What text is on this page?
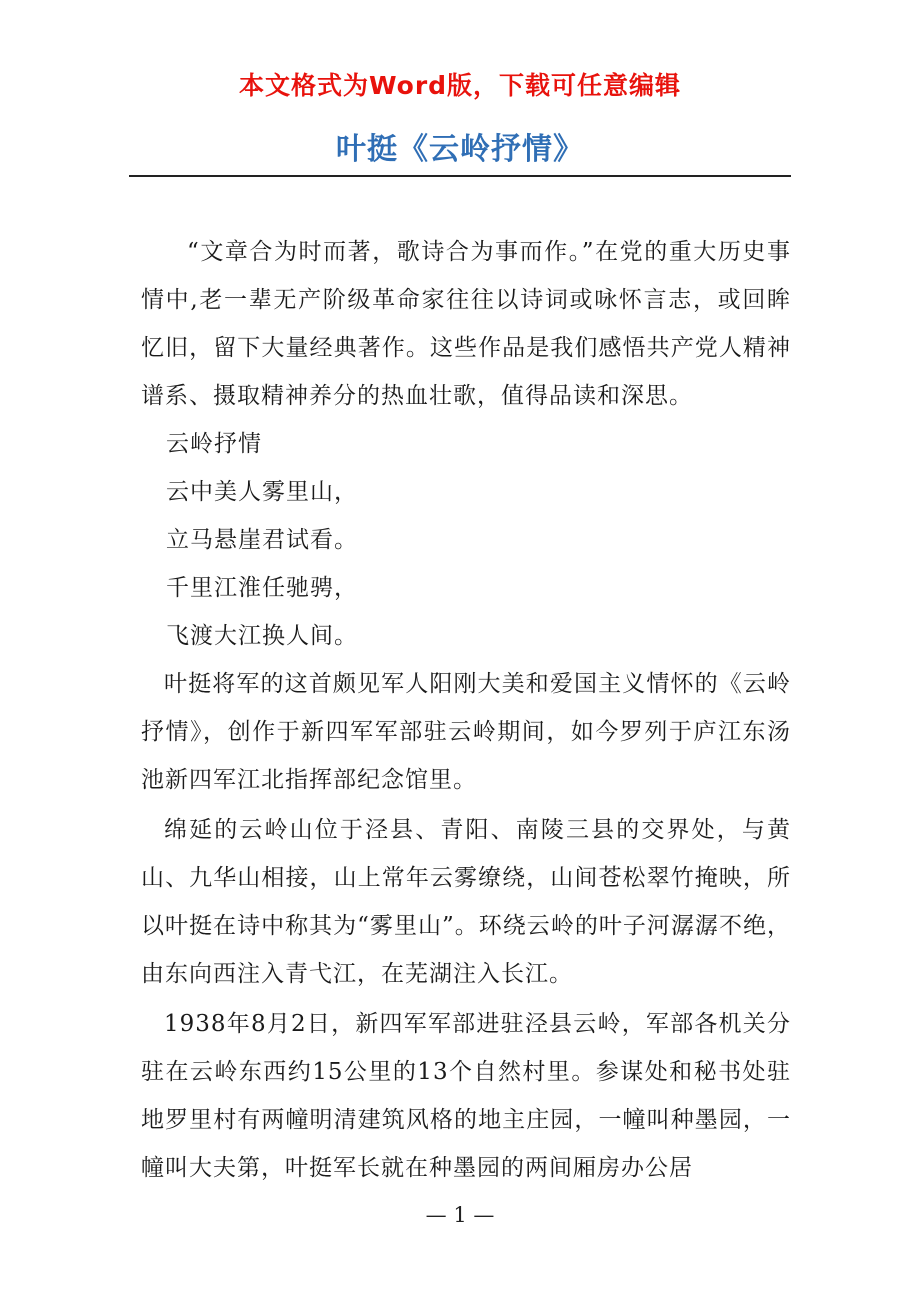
本文格式为Word版，下载可任意编辑
叶挺《云岭抒情》

“文章合为时而著，歌诗合为事而作。”在党的重大历史事情中,老一辈无产阶级革命家往往以诗词或咏怀言志，或回眸忆旧，留下大量经典著作。这些作品是我们感悟共产党人精神谱系、摄取精神养分的热血壮歌，值得品读和深思。

云岭抒情
云中美人雾里山，
立马悬崖君试看。
千里江淮任驰骋，
飞渡大江换人间。

叶挺将军的这首颇见军人阳刚大美和爱国主义情怀的《云岭抒情》，创作于新四军军部驻云岭期间，如今罗列于庐江东汤池新四军江北指挥部纪念馆里。

绵延的云岭山位于泾县、青阳、南陵三县的交界处，与黄山、九华山相接，山上常年云雾缭绕，山间苍松翠竹掩映，所以叶挺在诗中称其为“雾里山”。环绕云岭的叶子河潺潺不绝，由东向西注入青弋江，在芜湖注入长江。

1938年8月2日，新四军军部进驻泾县云岭，军部各机关分驻在云岭东西约15公里的13个自然村里。参谋处和秘书处驻地罗里村有两幢明清建筑风格的地主庄园，一幢叫种墨园，一幢叫大夫第，叶挺军长就在种墨园的两间厢房办公居

— 1 —
